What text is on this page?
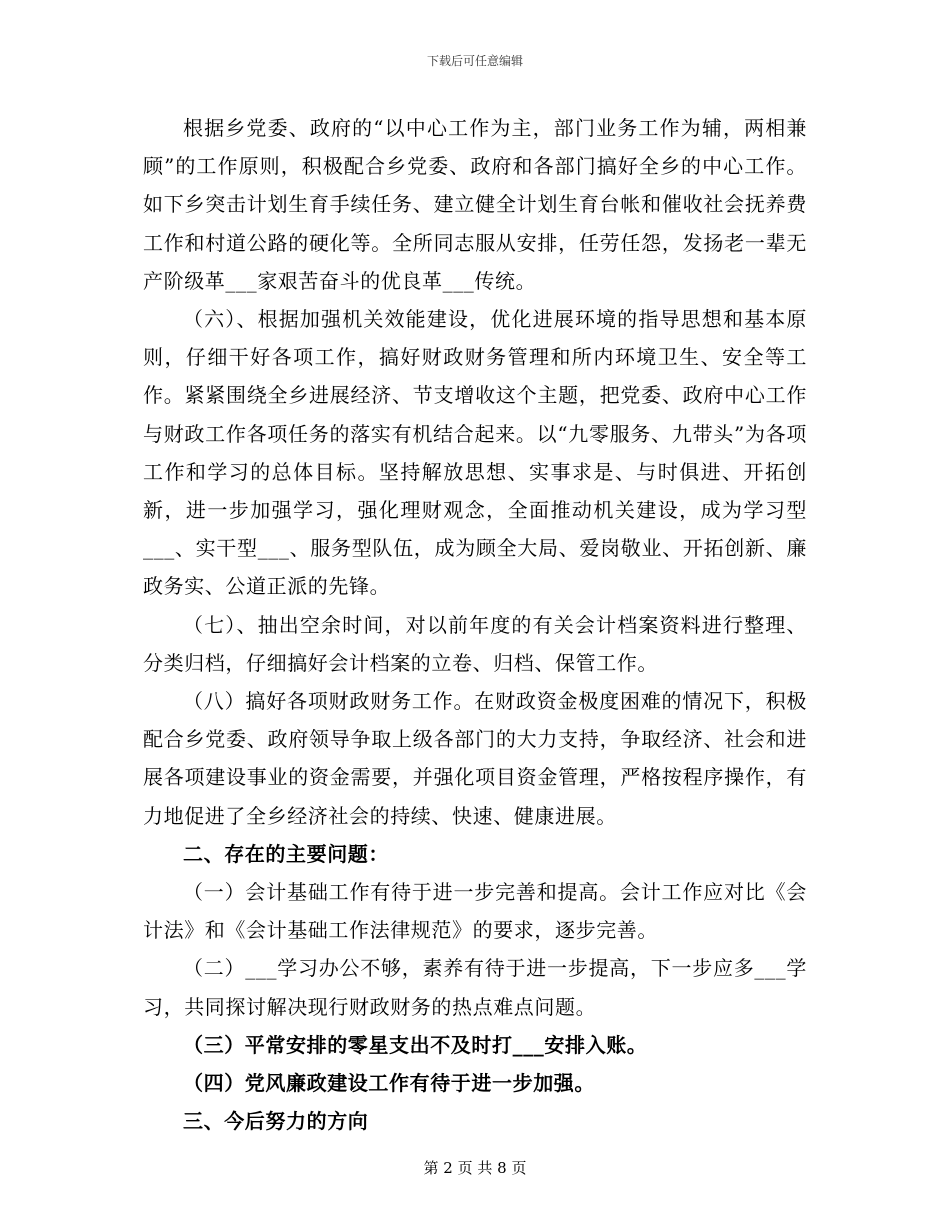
下载后可任意编辑

根据乡党委、政府的“以中心工作为主，部门业务工作为辅，两相兼顾”的工作原则，积极配合乡党委、政府和各部门搞好全乡的中心工作。如下乡突击计划生育手续任务、建立健全计划生育台帐和催收社会抚养费工作和村道公路的硬化等。全所同志服从安排，任劳任怨，发扬老一辈无产阶级革___家艰苦奋斗的优良革___传统。

（六）、根据加强机关效能建设，优化进展环境的指导思想和基本原则，仔细干好各项工作，搞好财政财务管理和所内环境卫生、安全等工作。紧紧围绕全乡进展经济、节支增收这个主题，把党委、政府中心工作与财政工作各项任务的落实有机结合起来。以“九零服务、九带头”为各项工作和学习的总体目标。坚持解放思想、实事求是、与时俱进、开拓创新，进一步加强学习，强化理财观念，全面推动机关建设，成为学习型___、实干型___、服务型队伍，成为顾全大局、爱岗敬业、开拓创新、廉政务实、公道正派的先锋。

（七）、抽出空余时间，对以前年度的有关会计档案资料进行整理、分类归档，仔细搞好会计档案的立卷、归档、保管工作。

（八）搞好各项财政财务工作。在财政资金极度困难的情况下，积极配合乡党委、政府领导争取上级各部门的大力支持，争取经济、社会和进展各项建设事业的资金需要，并强化项目资金管理，严格按程序操作，有力地促进了全乡经济社会的持续、快速、健康进展。

二、存在的主要问题：

（一）会计基础工作有待于进一步完善和提高。会计工作应对比《会计法》和《会计基础工作法律规范》的要求，逐步完善。

（二）___学习办公不够，素养有待于进一步提高，下一步应多___学习，共同探讨解决现行财政财务的热点难点问题。

（三）平常安排的零星支出不及时打___安排入账。

（四）党风廉政建设工作有待于进一步加强。

三、今后努力的方向

第 2 页 共 8 页
